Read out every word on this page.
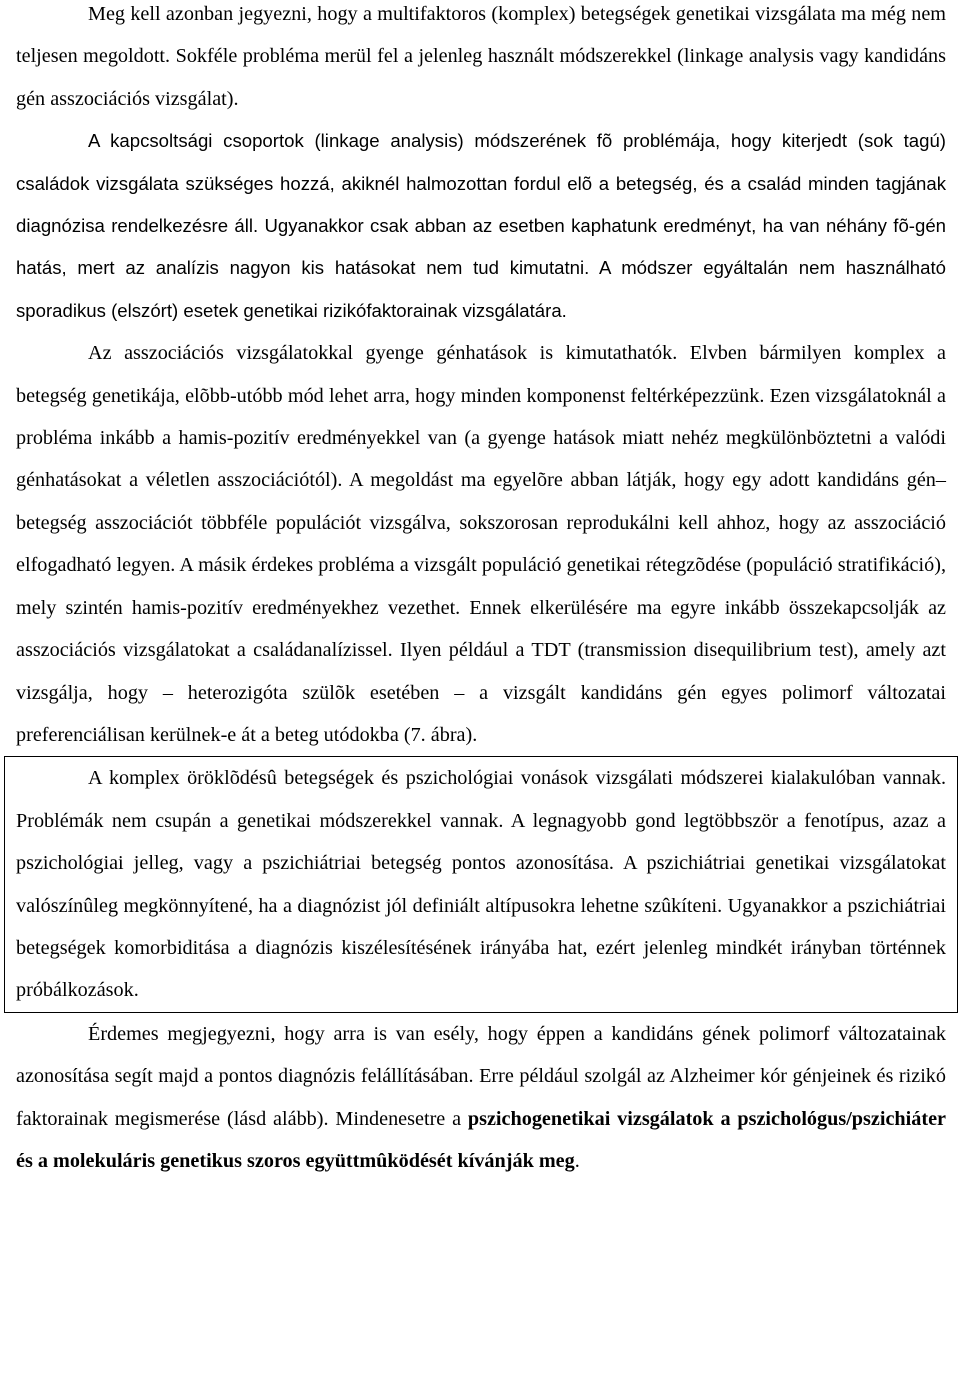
Meg kell azonban jegyezni, hogy a multifaktoros (komplex) betegségek genetikai vizsgálata ma még nem teljesen megoldott. Sokféle probléma merül fel a jelenleg használt módszerekkel (linkage analysis vagy kandidáns gén asszociációs vizsgálat).

A kapcsoltsági csoportok (linkage analysis) módszerének fõ problémája, hogy kiterjedt (sok tagú) családok vizsgálata szükséges hozzá, akiknél halmozottan fordul elõ a betegség, és a család minden tagjának diagnózisa rendelkezésre áll. Ugyanakkor csak abban az esetben kaphatunk eredményt, ha van néhány fõ-gén hatás, mert az analízis nagyon kis hatásokat nem tud kimutatni. A módszer egyáltalán nem használható sporadikus (elszórt) esetek genetikai rizikófaktorainak vizsgálatára.

Az asszociációs vizsgálatokkal gyenge génhatások is kimutathatók. Elvben bármilyen komplex a betegség genetikája, elõbb-utóbb mód lehet arra, hogy minden komponenst feltérképezzünk. Ezen vizsgálatoknál a probléma inkább a hamis-pozitív eredményekkel van (a gyenge hatások miatt nehéz megkülönböztetni a valódi génhatásokat a véletlen asszociációtól). A megoldást ma egyelõre abban látják, hogy egy adott kandidáns gén–betegség asszociációt többféle populációt vizsgálva, sokszorosan reprodukálni kell ahhoz, hogy az asszociáció elfogadható legyen. A másik érdekes probléma a vizsgált populáció genetikai rétegzõdése (populáció stratifikáció), mely szintén hamis-pozitív eredményekhez vezethet. Ennek elkerülésére ma egyre inkább összekapcsolják az asszociációs vizsgálatokat a családanalízissel. Ilyen például a TDT (transmission disequilibrium test), amely azt vizsgálja, hogy – heterozigóta szülõk esetében – a vizsgált kandidáns gén egyes polimorf változatai preferenciálisan kerülnek-e át a beteg utódokba (7. ábra).

A komplex öröklõdésû betegségek és pszichológiai vonások vizsgálati módszerei kialakulóban vannak. Problémák nem csupán a genetikai módszerekkel vannak. A legnagyobb gond legtöbbször a fenotípus, azaz a pszichológiai jelleg, vagy a pszichiátriai betegség pontos azonosítása. A pszichiátriai genetikai vizsgálatokat valószínûleg megkönnyítené, ha a diagnózist jól definiált altípusokra lehetne szûkíteni. Ugyanakkor a pszichiátriai betegségek komorbiditása a diagnózis kiszélesítésének irányába hat, ezért jelenleg mindkét irányban történnek próbálkozások.

Érdemes megjegyezni, hogy arra is van esély, hogy éppen a kandidáns gének polimorf változatainak azonosítása segít majd a pontos diagnózis felállításában. Erre például szolgál az Alzheimer kór génjeinek és rizikó faktorainak megismerése (lásd alább). Mindenesetre a pszichogenetikai vizsgálatok a pszichológus/pszichiáter és a molekuláris genetikus szoros együttmûködését kívánják meg.
